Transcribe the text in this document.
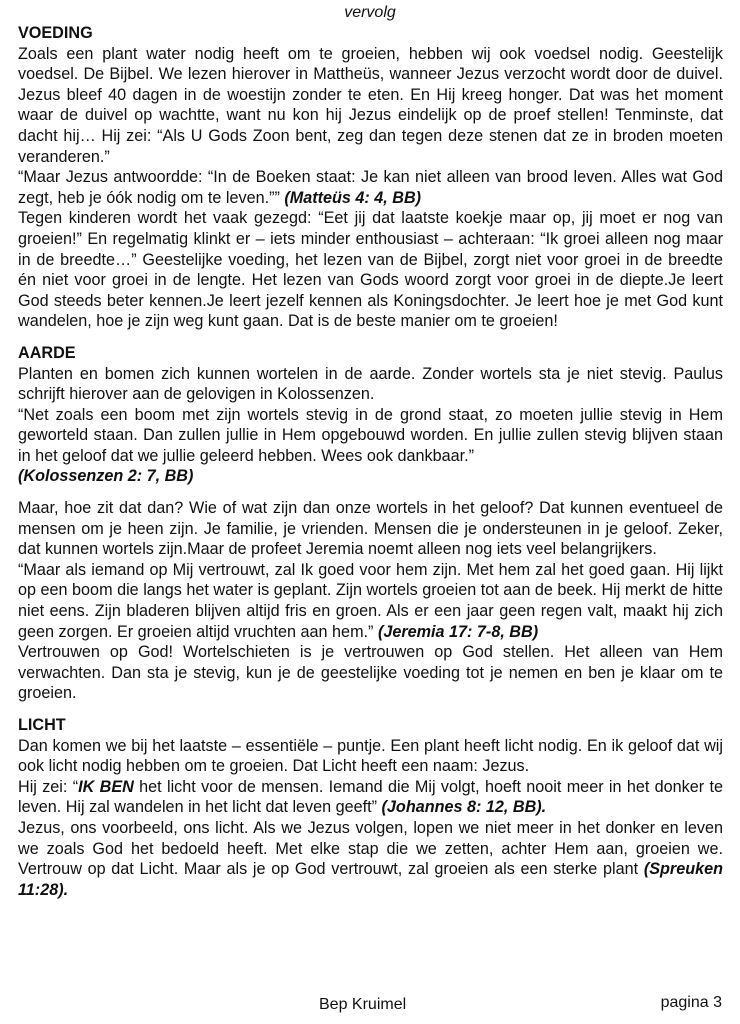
vervolg
VOEDING

Zoals een plant water nodig heeft om te groeien, hebben wij ook voedsel nodig. Geestelijk voedsel. De Bijbel. We lezen hierover in Mattheüs, wanneer Jezus verzocht wordt door de duivel. Jezus bleef 40 dagen in de woestijn zonder te eten. En Hij kreeg honger. Dat was het moment waar de duivel op wachtte, want nu kon hij Jezus eindelijk op de proef stellen! Tenminste, dat dacht hij… Hij zei: “Als U Gods Zoon bent, zeg dan tegen deze stenen dat ze in broden moeten veranderen.”

“Maar Jezus antwoordde: “In de Boeken staat: Je kan niet alleen van brood leven. Alles wat God zegt, heb je óók nodig om te leven.”” (Matteüs 4: 4, BB)

Tegen kinderen wordt het vaak gezegd: “Eet jij dat laatste koekje maar op, jij moet er nog van groeien!” En regelmatig klinkt er – iets minder enthousiast – achteraan: “Ik groei alleen nog maar in de breedte…” Geestelijke voeding, het lezen van de Bijbel, zorgt niet voor groei in de breedte én niet voor groei in de lengte. Het lezen van Gods woord zorgt voor groei in de diepte.Je leert God steeds beter kennen.Je leert jezelf kennen als Koningsdochter. Je leert hoe je met God kunt wandelen, hoe je zijn weg kunt gaan. Dat is de beste manier om te groeien!

AARDE

Planten en bomen zich kunnen wortelen in de aarde. Zonder wortels sta je niet stevig. Paulus schrijft hierover aan de gelovigen in Kolossenzen.

“Net zoals een boom met zijn wortels stevig in de grond staat, zo moeten jullie stevig in Hem geworteld staan. Dan zullen jullie in Hem opgebouwd worden. En jullie zullen stevig blijven staan in het geloof dat we jullie geleerd hebben. Wees ook dankbaar.”

(Kolossenzen 2: 7, BB)

Maar, hoe zit dat dan? Wie of wat zijn dan onze wortels in het geloof? Dat kunnen eventueel de mensen om je heen zijn. Je familie, je vrienden. Mensen die je ondersteunen in je geloof. Zeker, dat kunnen wortels zijn.Maar de profeet Jeremia noemt alleen nog iets veel belangrijkers.

“Maar als iemand op Mij vertrouwt, zal Ik goed voor hem zijn. Met hem zal het goed gaan. Hij lijkt op een boom die langs het water is geplant. Zijn wortels groeien tot aan de beek. Hij merkt de hitte niet eens. Zijn bladeren blijven altijd fris en groen. Als er een jaar geen regen valt, maakt hij zich geen zorgen. Er groeien altijd vruchten aan hem.” (Jeremia 17: 7-8, BB)

Vertrouwen op God! Wortelschieten is je vertrouwen op God stellen. Het alleen van Hem verwachten. Dan sta je stevig, kun je de geestelijke voeding tot je nemen en ben je klaar om te groeien.

LICHT

Dan komen we bij het laatste – essentiële – puntje. Een plant heeft licht nodig. En ik geloof dat wij ook licht nodig hebben om te groeien. Dat Licht heeft een naam: Jezus.

Hij zei: “IK BEN het licht voor de mensen. Iemand die Mij volgt, hoeft nooit meer in het donker te leven. Hij zal wandelen in het licht dat leven geeft” (Johannes 8: 12, BB).

Jezus, ons voorbeeld, ons licht. Als we Jezus volgen, lopen we niet meer in het donker en leven we zoals God het bedoeld heeft. Met elke stap die we zetten, achter Hem aan, groeien we. Vertrouw op dat Licht. Maar als je op God vertrouwt, zal groeien als een sterke plant (Spreuken 11:28).

Bep Kruimel	pagina 3
